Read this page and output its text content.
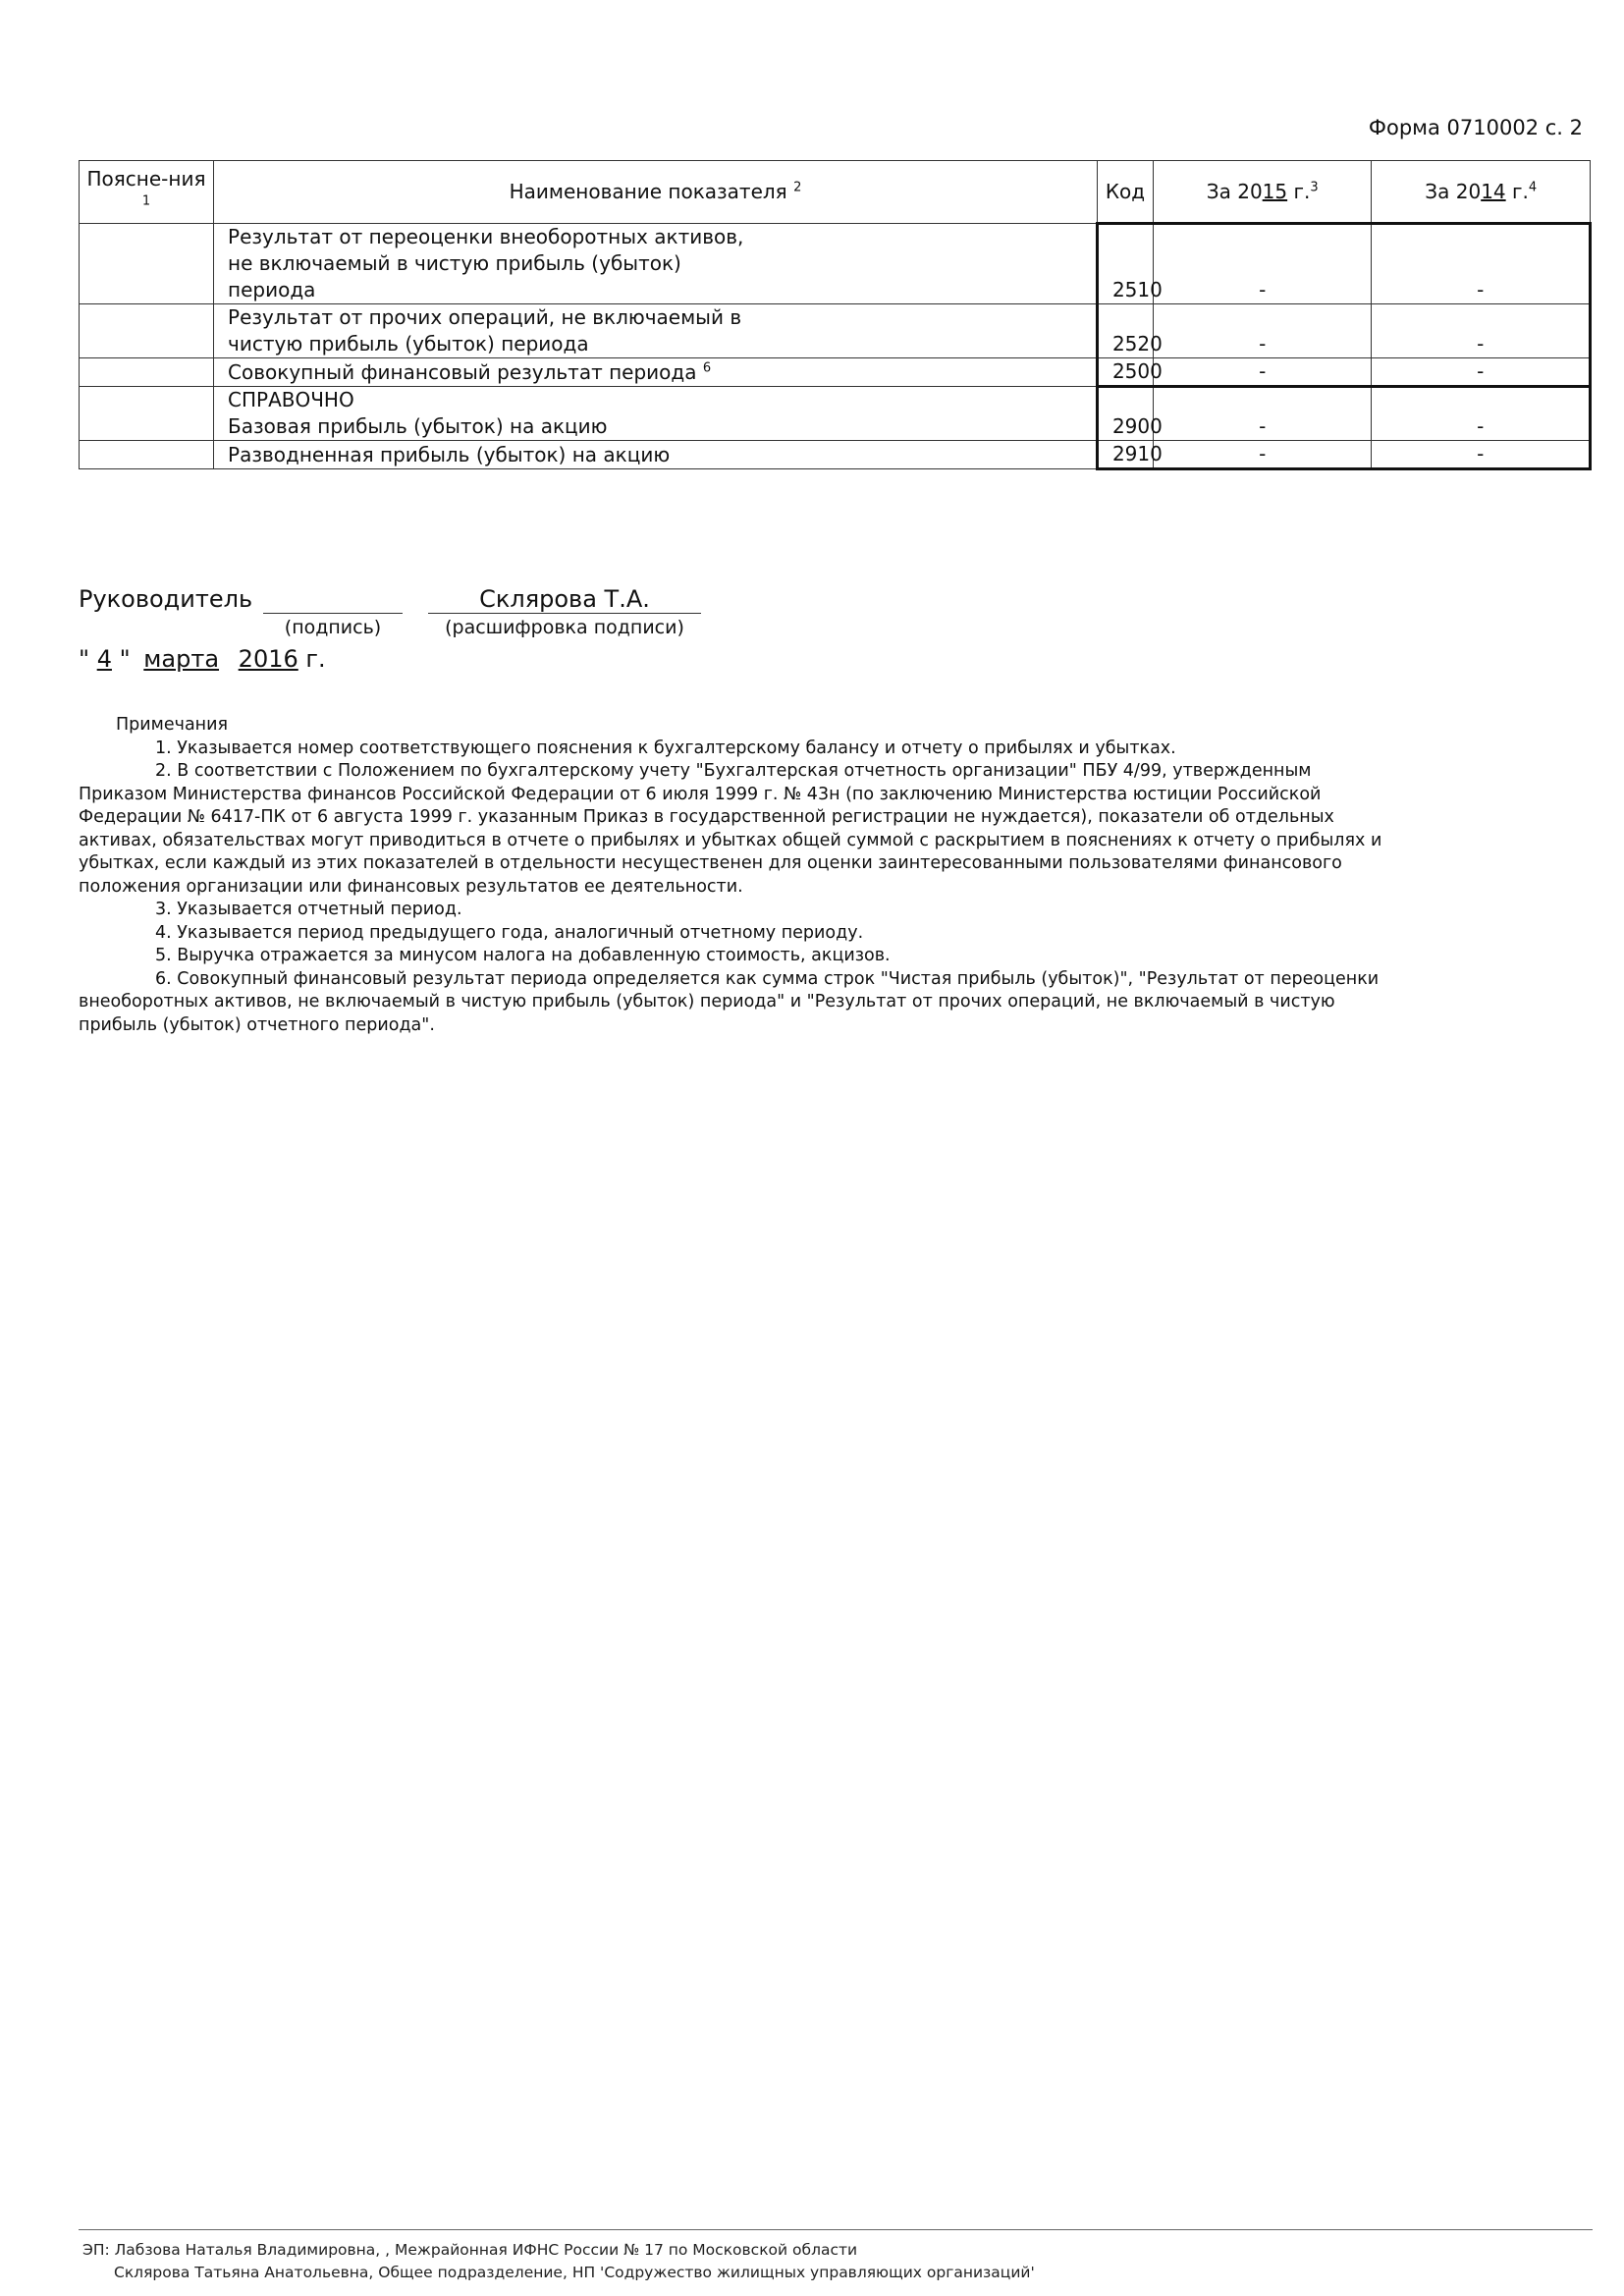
Форма 0710002 с. 2
Поясне-ния $^1$	Наименование показателя $^2$	Код	За 2015 г.$^3$	За 2014 г.$^4$

	Результат от переоценки внеоборотных активов,
не включаемый в чистую прибыль (убыток)
периода	2510	-	-

	Результат от прочих операций, не включаемый в
чистую прибыль (убыток) периода	2520	-	-
	Совокупный финансовый результат периода $^6$	2500	-	-

	СПРАВОЧНО
Базовая прибыль (убыток) на акцию	2900	-	-
	Разводненная прибыль (убыток) на акцию	2910	-	-
Руководитель	Склярова Т.А.
(подпись)	(расшифровка подписи)
" 4 " марта 2016 г.

Примечания

1. Указывается номер соответствующего пояснения к бухгалтерскому балансу и отчету о прибылях и убытках.

2. В соответствии с Положением по бухгалтерскому учету "Бухгалтерская отчетность организации" ПБУ 4/99, утвержденным Приказом Министерства финансов Российской Федерации от 6 июля 1999 г. № 43н (по заключению Министерства юстиции Российской Федерации № 6417-ПК от 6 августа 1999 г. указанным Приказ в государственной регистрации не нуждается), показатели об отдельных активах, обязательствах могут приводиться в отчете о прибылях и убытках общей суммой с раскрытием в пояснениях к отчету о прибылях и убытках, если каждый из этих показателей в отдельности несущественен для оценки заинтересованными пользователями финансового положения организации или финансовых результатов ее деятельности.

3. Указывается отчетный период.

4. Указывается период предыдущего года, аналогичный отчетному периоду.

5. Выручка отражается за минусом налога на добавленную стоимость, акцизов.

6. Совокупный финансовый результат периода определяется как сумма строк "Чистая прибыль (убыток)", "Результат от переоценки внеоборотных активов, не включаемый в чистую прибыль (убыток) периода" и "Результат от прочих операций, не включаемый в чистую прибыль (убыток) отчетного периода".

ЭП: Лабзова Наталья Владимировна, , Межрайонная ИФНС России № 17 по Московской области
Склярова Татьяна Анатольевна, Общее подразделение, НП 'Содружество жилищных управляющих организаций'
